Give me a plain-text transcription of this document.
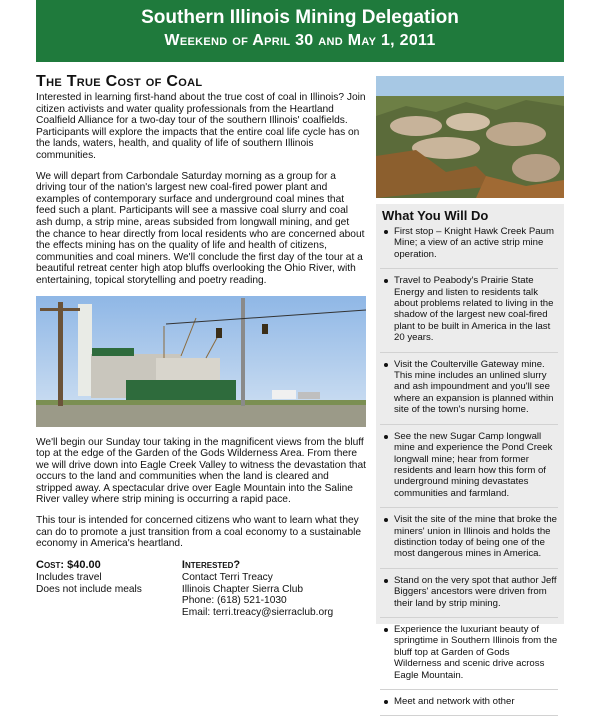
Southern Illinois Mining Delegation
Weekend of April 30 and May 1, 2011
The True Cost of Coal

Interested in learning first-hand about the true cost of coal in Illinois? Join citizen activists and water quality professionals from the Heartland Coalfield Alliance for a two-day tour of the southern Illinois' coalfields. Participants will explore the impacts that the entire coal life cycle has on the lands, waters, health, and quality of life of southern Illinois communities.

We will depart from Carbondale Saturday morning as a group for a driving tour of the nation's largest new coal-fired power plant and examples of contemporary surface and underground coal mines that feed such a plant. Participants will see a massive coal slurry and coal ash dump, a strip mine, areas subsided from longwall mining, and get the chance to hear directly from local residents who are concerned about the effects mining has on the quality of life and health of citizens, communities and coal miners. We'll conclude the first day of the tour at a beautiful retreat center high atop bluffs overlooking the Ohio River, with entertaining, topical storytelling and poetry reading.

We'll begin our Sunday tour taking in the magnificent views from the bluff top at the edge of the Garden of the Gods Wilderness Area. From there we will drive down into Eagle Creek Valley to witness the devastation that occurs to the land and communities when the land is cleared and stripped away. A spectacular drive over Eagle Mountain into the Saline River valley where strip mining is occurring a rapid pace.

This tour is intended for concerned citizens who want to learn what they can do to promote a just transition from a coal economy to a sustainable economy in America's heartland.

Cost: $40.00
Includes travel
Does not include meals
Interested?
Contact Terri Treacy
Illinois Chapter Sierra Club
Phone: (618) 521-1030
Email: terri.treacy@sierraclub.org
What You Will Do
First stop – Knight Hawk Creek Paum Mine; a view of an active strip mine operation.
Travel to Peabody's Prairie State Energy and listen to residents talk about problems related to living in the shadow of the largest new coal-fired plant to be built in America in the last 20 years.
Visit the Coulterville Gateway mine. This mine includes an unlined slurry and ash impoundment and you'll see where an expansion is planned within site of the town's nursing home.
See the new Sugar Camp longwall mine and experience the Pond Creek longwall mine; hear from former residents and learn how this form of underground mining devastates communities and farmland.
Visit the site of the mine that broke the miners' union in Illinois and holds the distinction today of being one of the most dangerous mines in America.
Stand on the very spot that author Jeff Biggers' ancestors were driven from their land by strip mining.
Experience the luxuriant beauty of springtime in Southern Illinois from the bluff top at Garden of Gods Wilderness and scenic drive across Eagle Mountain.
Meet and network with other
